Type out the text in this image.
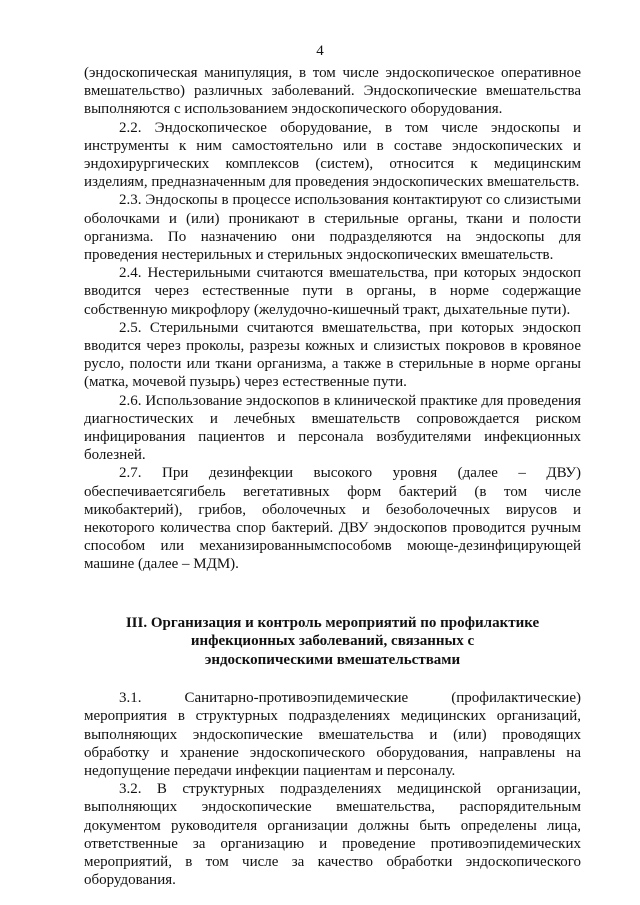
4

(эндоскопическая манипуляция, в том числе эндоскопическое оперативное вмешательство) различных заболеваний. Эндоскопические вмешательства выполняются с использованием эндоскопического оборудования.

2.2. Эндоскопическое оборудование, в том числе эндоскопы и инструменты к ним самостоятельно или в составе эндоскопических и эндохирургических комплексов (систем), относится к медицинским изделиям, предназначенным для проведения эндоскопических вмешательств.

2.3. Эндоскопы в процессе использования контактируют со слизистыми оболочками и (или) проникают в стерильные органы, ткани и полости организма. По назначению они подразделяются на эндоскопы для проведения нестерильных и стерильных эндоскопических вмешательств.

2.4. Нестерильными считаются вмешательства, при которых эндоскоп вводится через естественные пути в органы, в норме содержащие собственную микрофлору (желудочно-кишечный тракт, дыхательные пути).

2.5. Стерильными считаются вмешательства, при которых эндоскоп вводится через проколы, разрезы кожных и слизистых покровов в кровяное русло, полости или ткани организма, а также в стерильные в норме органы (матка, мочевой пузырь) через естественные пути.

2.6. Использование эндоскопов в клинической практике для проведения диагностических и лечебных вмешательств сопровождается риском инфицирования пациентов и персонала возбудителями инфекционных болезней.

2.7. При дезинфекции высокого уровня (далее – ДВУ) обеспечиваетсягибель вегетативных форм бактерий (в том числе микобактерий), грибов, оболочечных и безоболочечных вирусов и некоторого количества спор бактерий. ДВУ эндоскопов проводится ручным способом или механизированнымспособомв моюще-дезинфицирующей машине (далее – МДМ).

III. Организация и контроль мероприятий по профилактике
инфекционных заболеваний, связанных с
эндоскопическими вмешательствами

3.1. Санитарно-противоэпидемические (профилактические) мероприятия в структурных подразделениях медицинских организаций, выполняющих эндоскопические вмешательства и (или) проводящих обработку и хранение эндоскопического оборудования, направлены на недопущение передачи инфекции пациентам и персоналу.

3.2. В структурных подразделениях медицинской организации, выполняющих эндоскопические вмешательства, распорядительным документом руководителя организации должны быть определены лица, ответственные за организацию и проведение противоэпидемических мероприятий, в том числе за качество обработки эндоскопического оборудования.
